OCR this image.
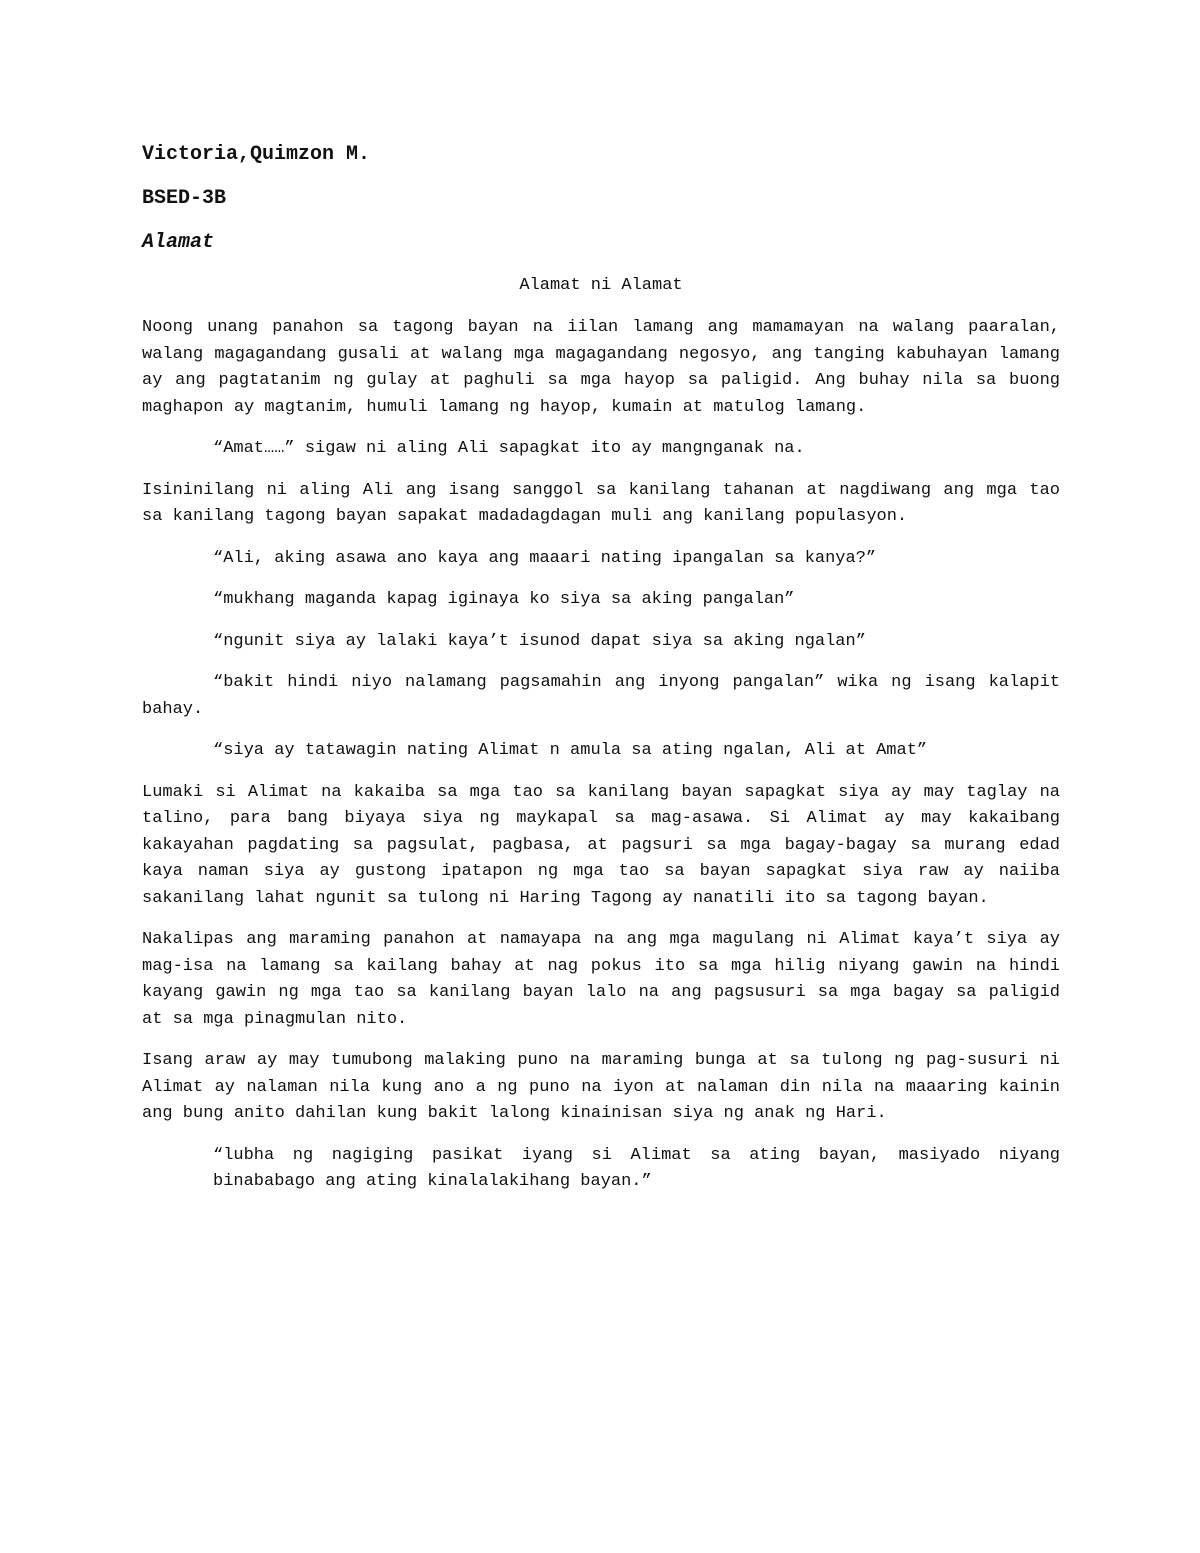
Victoria,Quimzon M.
BSED-3B
Alamat
Alamat ni Alamat

Noong unang panahon sa tagong bayan na iilan lamang ang mamamayan na walang paaralan, walang magagandang gusali at walang mga magagandang negosyo, ang tanging kabuhayan lamang ay ang pagtatanim ng gulay at paghuli sa mga hayop sa paligid. Ang buhay nila sa buong maghapon ay magtanim, humuli lamang ng hayop, kumain at matulog lamang.

“Amat……” sigaw ni aling Ali sapagkat ito ay mangnganak na.

Isininilang ni aling Ali ang isang sanggol sa kanilang tahanan at nagdiwang ang mga tao sa kanilang tagong bayan sapakat madadagdagan muli ang kanilang populasyon.

“Ali, aking asawa ano kaya ang maaari nating ipangalan sa kanya?”

“mukhang maganda kapag iginaya ko siya sa aking pangalan”

“ngunit siya ay lalaki kaya’t isunod dapat siya sa aking ngalan”

“bakit hindi niyo nalamang pagsamahin ang inyong pangalan” wika ng isang kalapit bahay.

“siya ay tatawagin nating Alimat n amula sa ating ngalan, Ali at Amat”

Lumaki si Alimat na kakaiba sa mga tao sa kanilang bayan sapagkat siya ay may taglay na talino, para bang biyaya siya ng maykapal sa mag-asawa. Si Alimat ay may kakaibang kakayahan pagdating sa pagsulat, pagbasa, at pagsuri sa mga bagay-bagay sa murang edad kaya naman siya ay gustong ipatapon ng mga tao sa bayan sapagkat siya raw ay naiiba sakanilang lahat ngunit sa tulong ni Haring Tagong ay nanatili ito sa tagong bayan.

Nakalipas ang maraming panahon at namayapa na ang mga magulang ni Alimat kaya’t siya ay mag-isa na lamang sa kailang bahay at nag pokus ito sa mga hilig niyang gawin na hindi kayang gawin ng mga tao sa kanilang bayan lalo na ang pagsusuri sa mga bagay sa paligid at sa mga pinagmulan nito.

Isang araw ay may tumubong malaking puno na maraming bunga at sa tulong ng pag-susuri ni Alimat ay nalaman nila kung ano a ng puno na iyon at nalaman din nila na maaaring kainin ang bung anito dahilan kung bakit lalong kinainisan siya ng anak ng Hari.

“lubha ng nagiging pasikat iyang si Alimat sa ating bayan, masiyado niyang binababago ang ating kinalalakihang bayan.”
